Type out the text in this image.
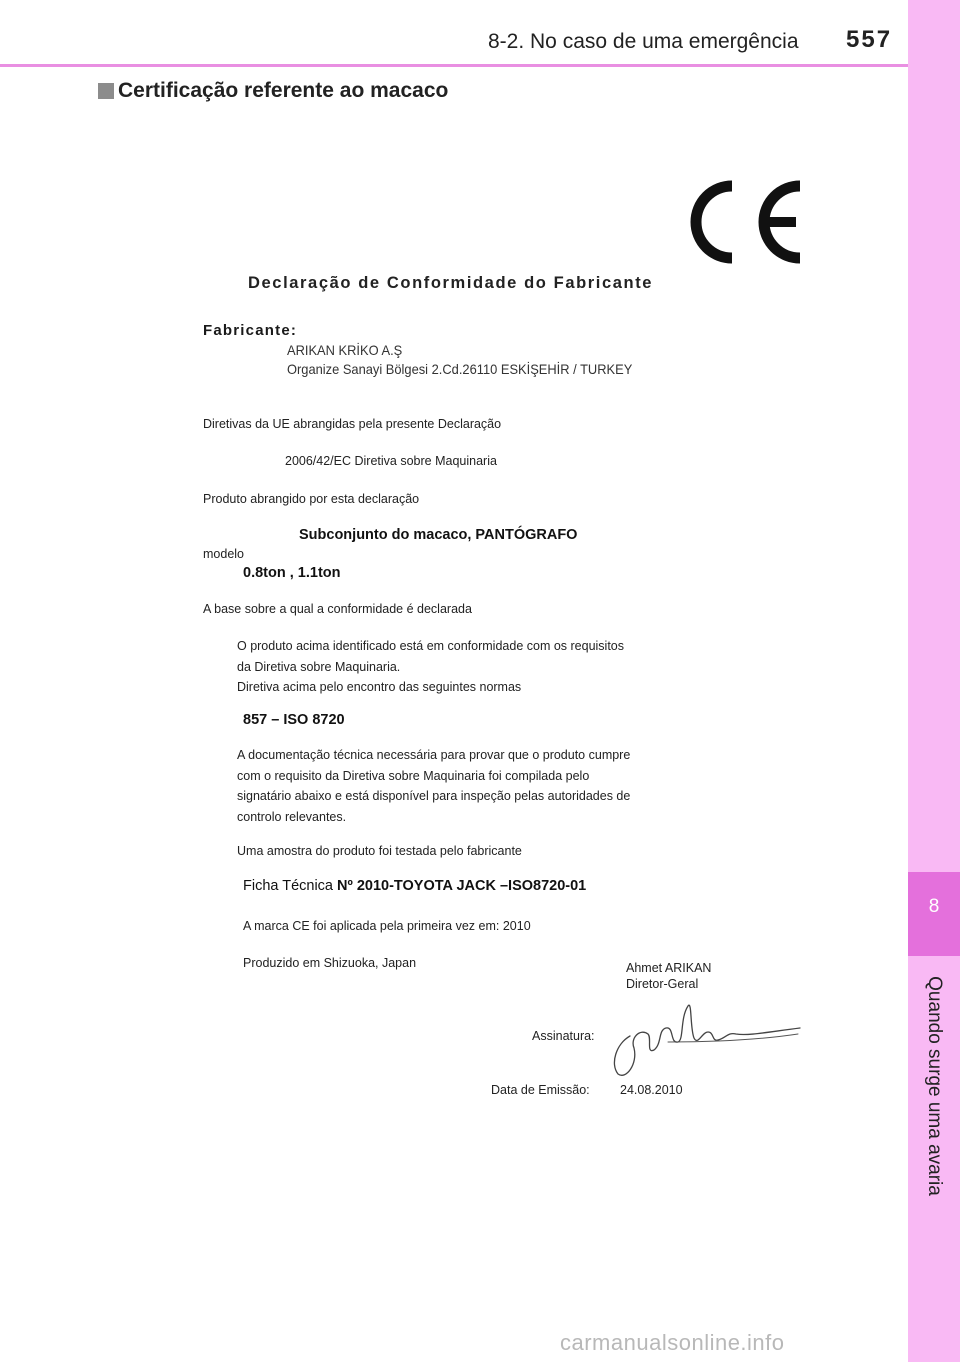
8-2. No caso de uma emergência 557
8
Quando surge uma avaria
Certificação referente ao macaco
Declaração de Conformidade do Fabricante
Fabricante:
ARIKAN KRİKO A.Ş
Organize Sanayi Bölgesi 2.Cd.26110 ESKİŞEHİR / TURKEY
Diretivas da UE abrangidas pela presente Declaração
2006/42/EC Diretiva sobre Maquinaria
Produto abrangido por esta declaração
Subconjunto do macaco, PANTÓGRAFO
modelo
0.8ton , 1.1ton
A base sobre a qual a conformidade é declarada
O produto acima identificado está em conformidade com os requisitos
da Diretiva sobre Maquinaria.
Diretiva acima pelo encontro das seguintes normas
857 – ISO 8720
A documentação técnica necessária para provar que o produto cumpre
com o requisito da Diretiva sobre Maquinaria foi compilada pelo
signatário abaixo e está disponível para inspeção pelas autoridades de
controlo relevantes.
Uma amostra do produto foi testada pelo fabricante
Ficha Técnica Nº 2010-TOYOTA JACK –ISO8720-01
A marca CE foi aplicada pela primeira vez em: 2010
Produzido em Shizuoka, Japan	Ahmet ARIKAN
Diretor-Geral
Assinatura:
Data de Emissão: 24.08.2010
carmanualsonline.info
